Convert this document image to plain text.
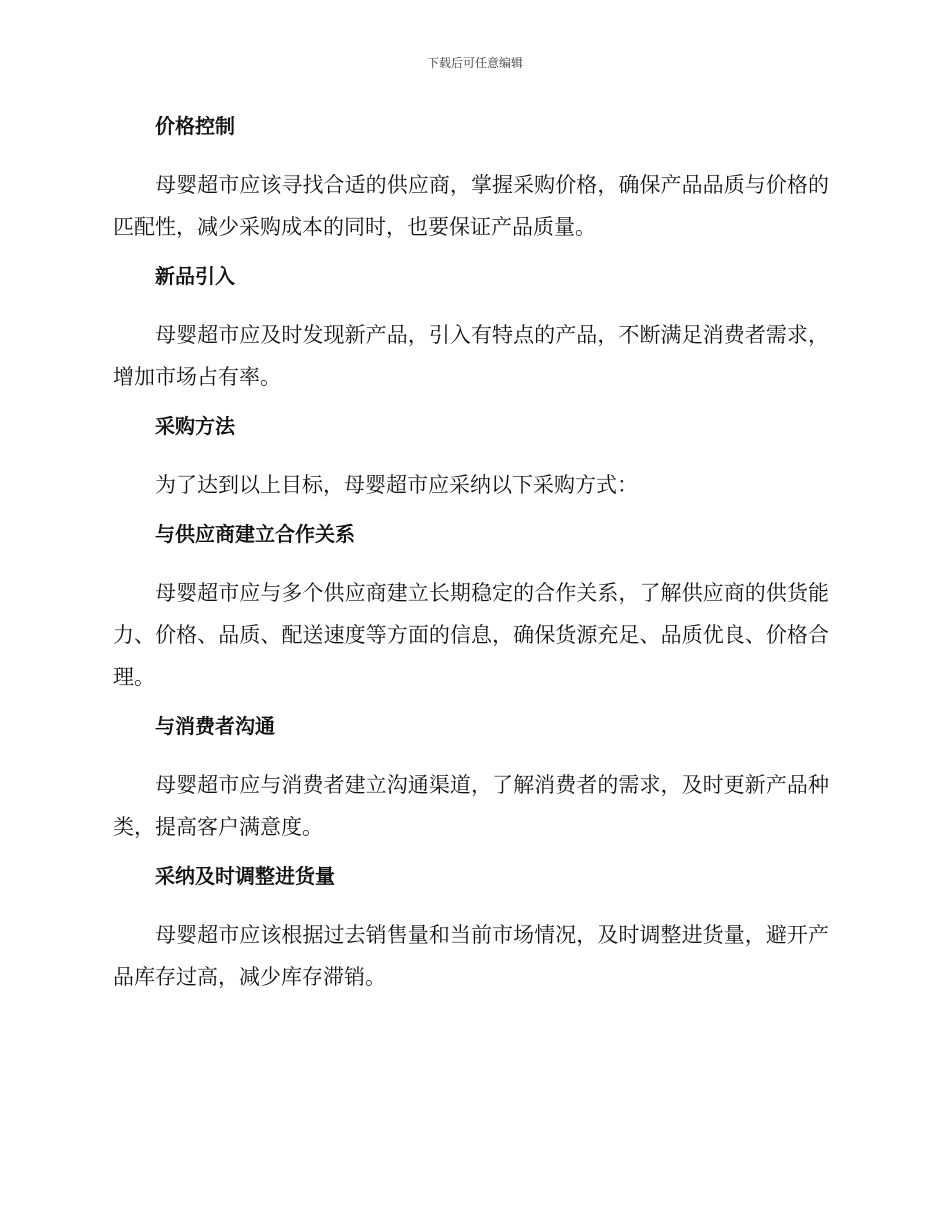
下载后可任意编辑
价格控制

母婴超市应该寻找合适的供应商，掌握采购价格，确保产品品质与价格的匹配性，减少采购成本的同时，也要保证产品质量。

新品引入

母婴超市应及时发现新产品，引入有特点的产品，不断满足消费者需求，增加市场占有率。

采购方法

为了达到以上目标，母婴超市应采纳以下采购方式：

与供应商建立合作关系

母婴超市应与多个供应商建立长期稳定的合作关系，了解供应商的供货能力、价格、品质、配送速度等方面的信息，确保货源充足、品质优良、价格合理。

与消费者沟通

母婴超市应与消费者建立沟通渠道，了解消费者的需求，及时更新产品种类，提高客户满意度。

采纳及时调整进货量

母婴超市应该根据过去销售量和当前市场情况，及时调整进货量，避开产品库存过高，减少库存滞销。
